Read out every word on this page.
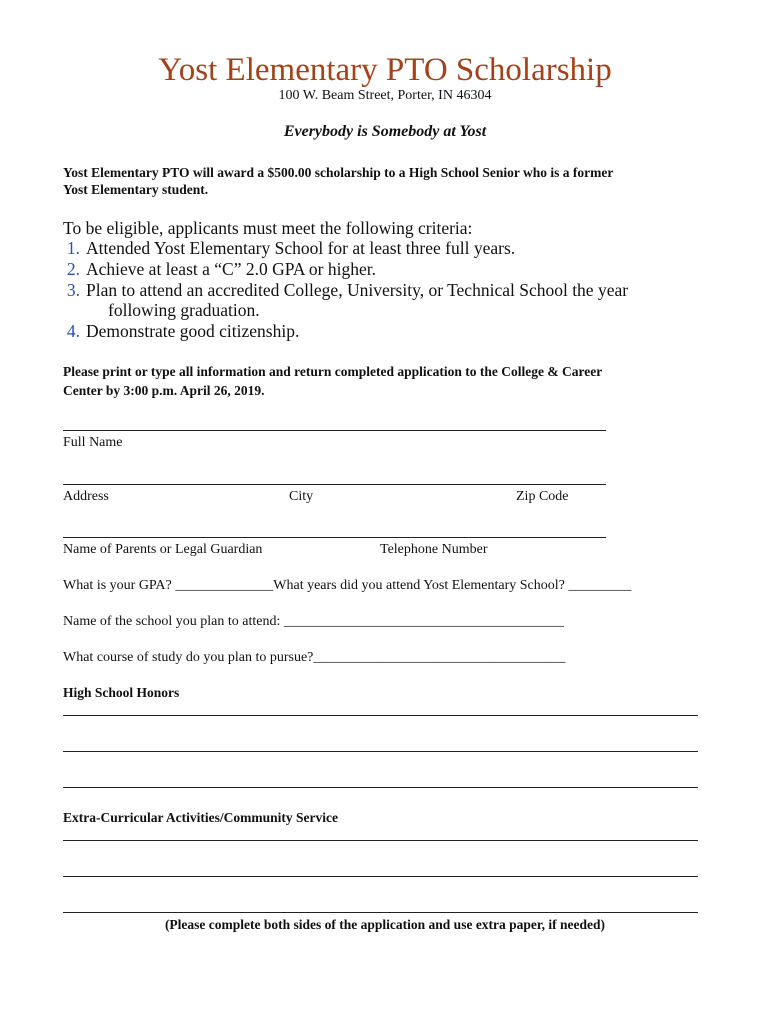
Yost Elementary PTO Scholarship
100 W. Beam Street, Porter, IN 46304
Everybody is Somebody at Yost
Yost Elementary PTO will award a $500.00 scholarship to a High School Senior who is a former
Yost Elementary student.
To be eligible, applicants must meet the following criteria:
1. Attended Yost Elementary School for at least three full years.
2. Achieve at least a “C” 2.0 GPA or higher.
3. Plan to attend an accredited College, University, or Technical School the year
following graduation.
4. Demonstrate good citizenship.
Please print or type all information and return completed application to the College & Career
Center by 3:00 p.m. April 26, 2019.
Full Name
Address	City	Zip Code
Name of Parents or Legal Guardian	Telephone Number
What is your GPA? ______________What years did you attend Yost Elementary School? _________
Name of the school you plan to attend: ________________________________________
What course of study do you plan to pursue?____________________________________
High School Honors
Extra-Curricular Activities/Community Service
(Please complete both sides of the application and use extra paper, if needed)
